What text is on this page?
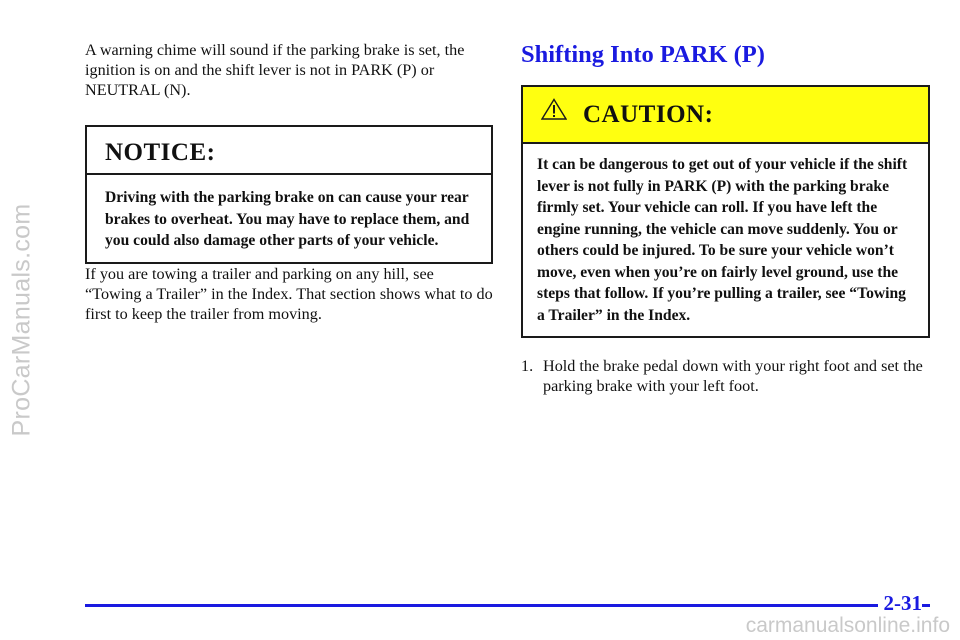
ProCarManuals.com

A warning chime will sound if the parking brake is set, the ignition is on and the shift lever is not in PARK (P) or NEUTRAL (N).

NOTICE:
Driving with the parking brake on can cause your rear brakes to overheat. You may have to replace them, and you could also damage other parts of your vehicle.

If you are towing a trailer and parking on any hill, see “Towing a Trailer” in the Index. That section shows what to do first to keep the trailer from moving.

Shifting Into PARK (P)
CAUTION:
It can be dangerous to get out of your vehicle if the shift lever is not fully in PARK (P) with the parking brake firmly set. Your vehicle can roll. If you have left the engine running, the vehicle can move suddenly. You or others could be injured. To be sure your vehicle won’t move, even when you’re on fairly level ground, use the steps that follow. If you’re pulling a trailer, see “Towing a Trailer” in the Index.
1. Hold the brake pedal down with your right foot and set the parking brake with your left foot.
2-31
carmanualsonline.info
